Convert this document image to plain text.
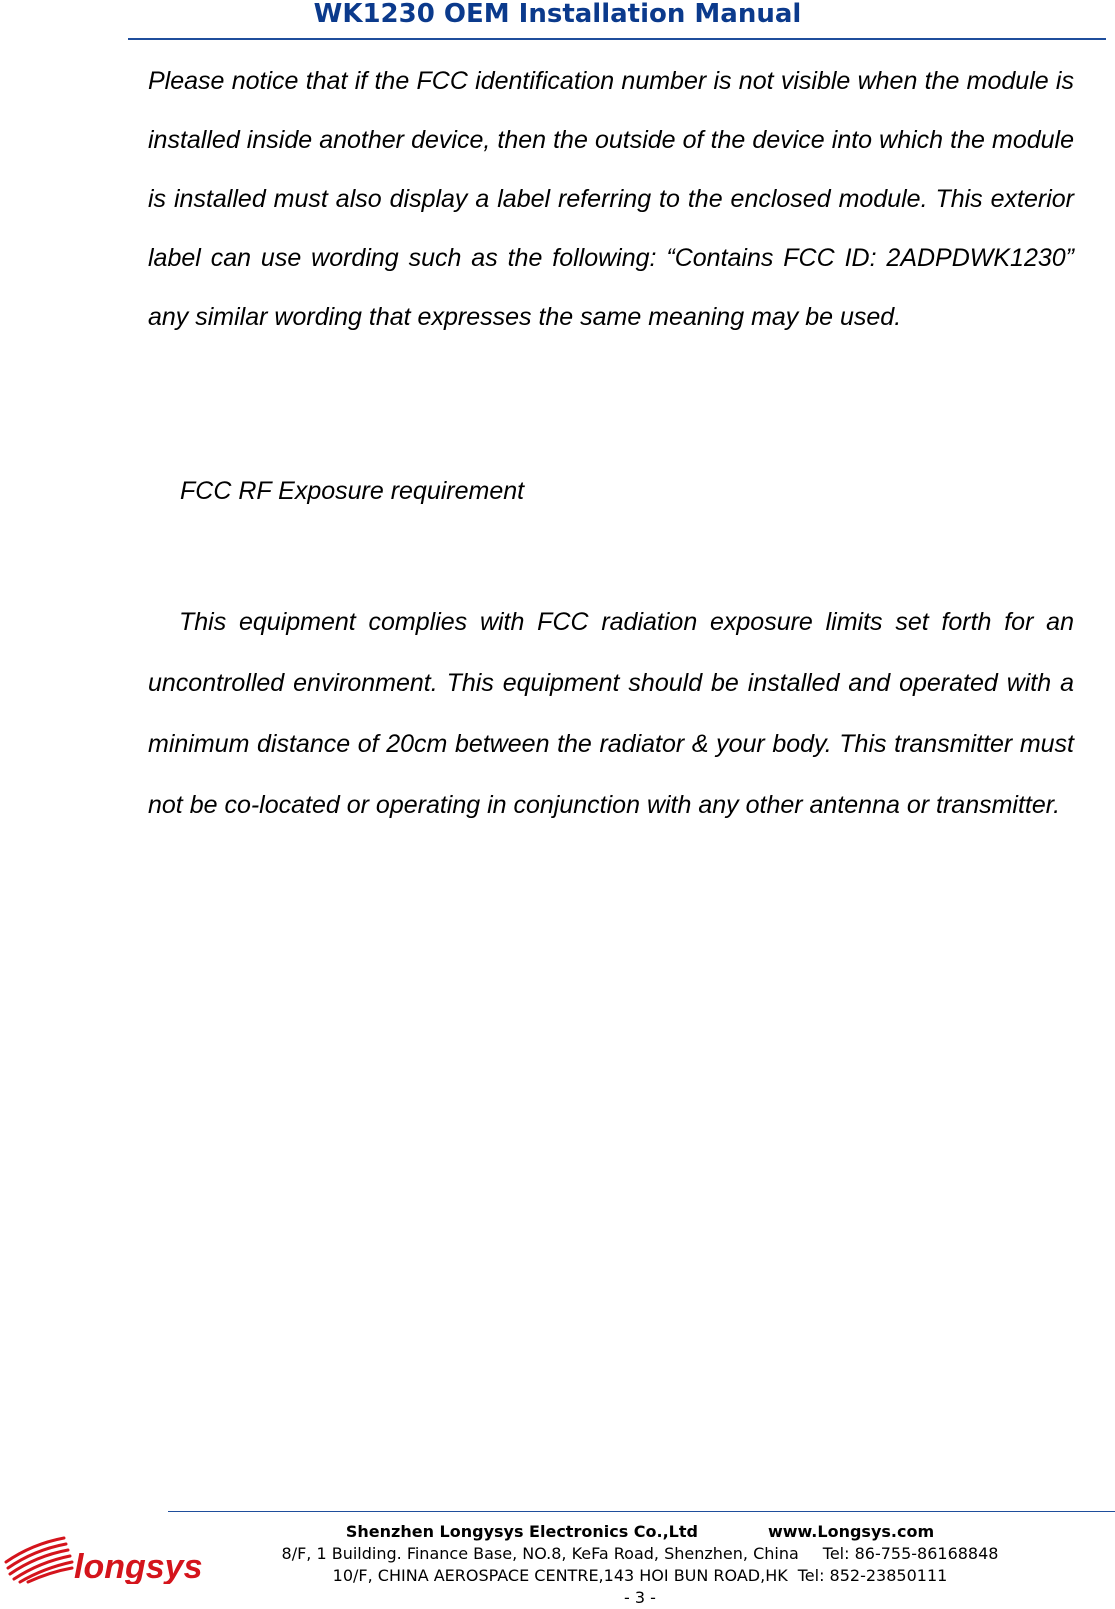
WK1230 OEM Installation Manual
Please notice that if the FCC identification number is not visible when the module is installed inside another device, then the outside of the device into which the module is installed must also display a label referring to the enclosed module. This exterior label can use wording such as the following: “Contains FCC ID: 2ADPDWK1230” any similar wording that expresses the same meaning may be used.
FCC RF Exposure requirement
This equipment complies with FCC radiation exposure limits set forth for an uncontrolled environment. This equipment should be installed and operated with a minimum distance of 20cm between the radiator & your body. This transmitter must not be co-located or operating in conjunction with any other antenna or transmitter.
longsys
Shenzhen Longysys Electronics Co.,Ltd	www.Longsys.com
8/F, 1 Building. Finance Base, NO.8, KeFa Road, Shenzhen, China Tel: 86-755-86168848
10/F, CHINA AEROSPACE CENTRE,143 HOI BUN ROAD,HK Tel: 852-23850111
- 3 -
